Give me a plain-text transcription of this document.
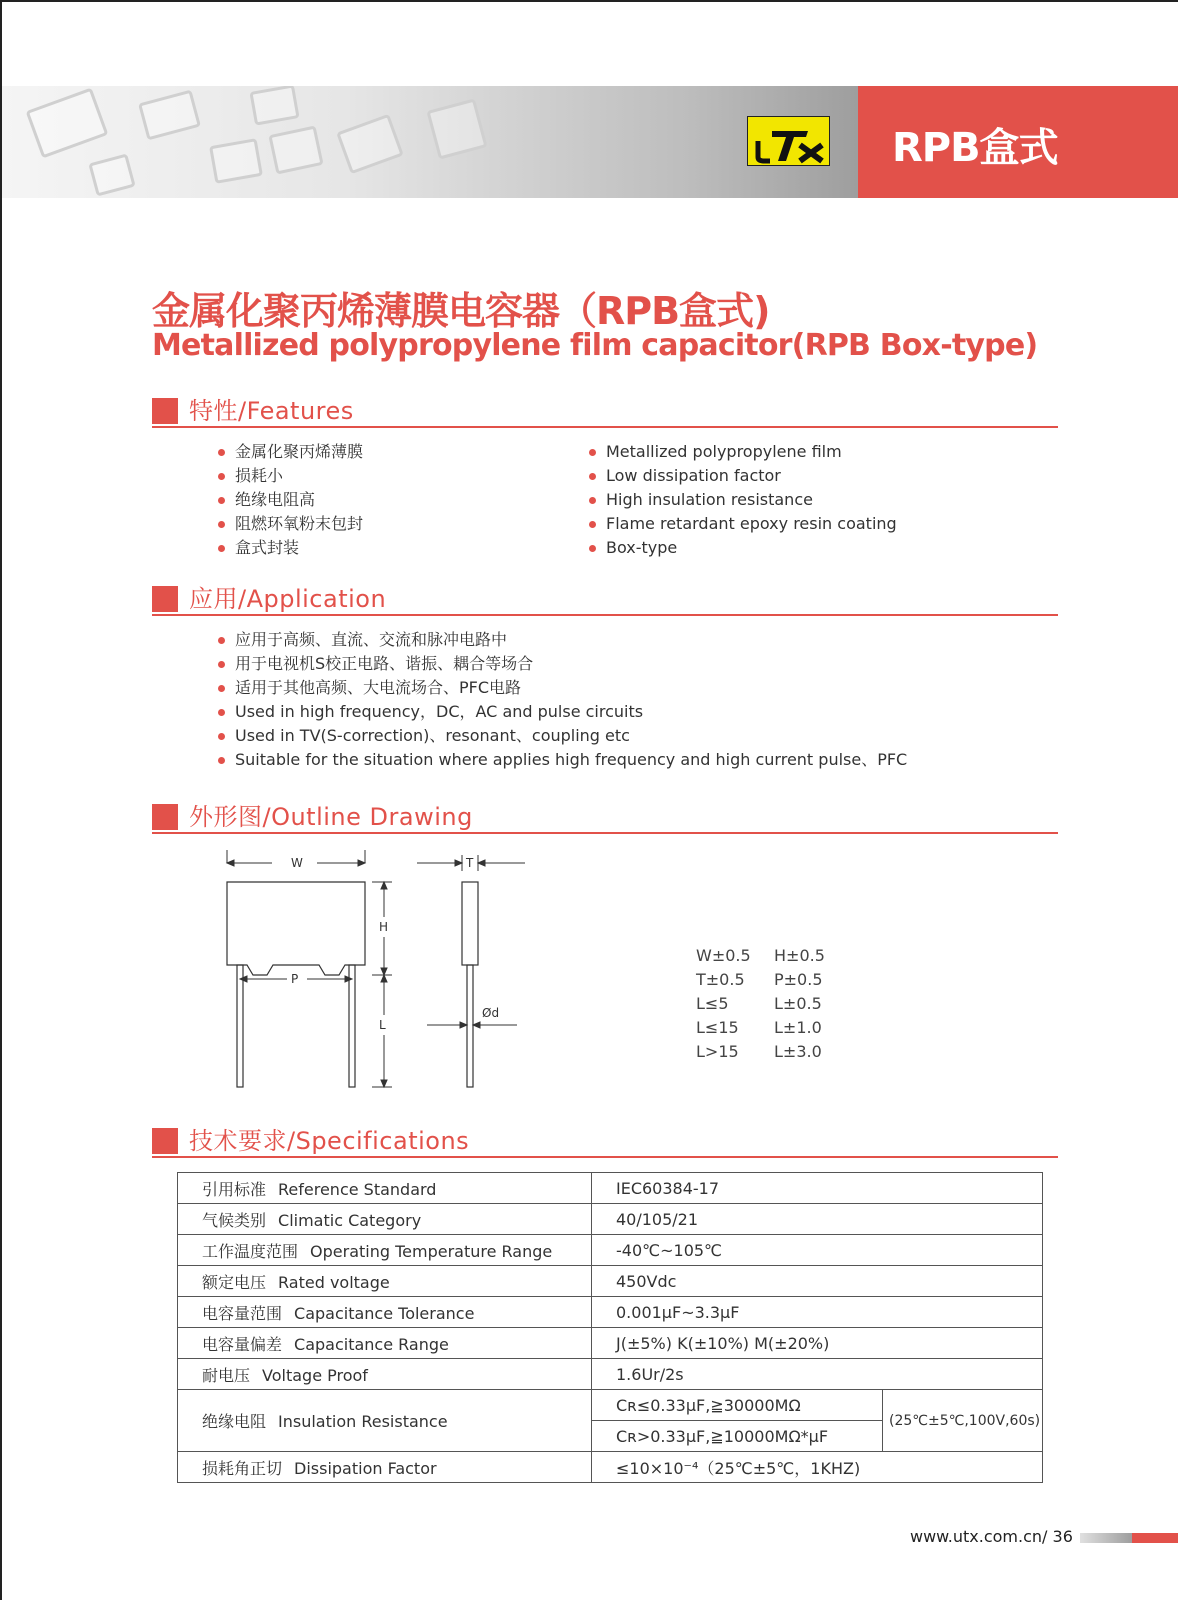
RPB盒式
金属化聚丙烯薄膜电容器（RPB盒式)
Metallized polypropylene film capacitor(RPB Box-type)
特性/Features
金属化聚丙烯薄膜
损耗小
绝缘电阻高
阻燃环氧粉末包封
盒式封装
Metallized polypropylene film
Low dissipation factor
High insulation resistance
Flame retardant epoxy resin coating
Box-type
应用/Application
应用于高频、直流、交流和脉冲电路中
用于电视机S校正电路、谐振、耦合等场合
适用于其他高频、大电流场合、PFC电路
Used in high frequency，DC，AC and pulse circuits
Used in TV(S-correction)、resonant、coupling etc
Suitable for the situation where applies high frequency and high current pulse、PFC
外形图/Outline Drawing
W
P
H
L
T
Ød
W±0.5 H±0.5
T±0.5 P±0.5
L≤5	L±0.5
L≤15 L±1.0
L>15 L±3.0
技术要求/Specifications
引用标准 Reference Standard	IEC60384-17	
气候类别 Climatic Category	40/105/21	
工作温度范围 Operating Temperature Range	-40℃~105℃	
额定电压 Rated voltage	450Vdc	
电容量范围 Capacitance Tolerance	0.001μF~3.3μF	
电容量偏差 Capacitance Range	J(±5%) K(±10%) M(±20%)	
耐电压 Voltage Proof	1.6Ur/2s	
绝缘电阻 Insulation Resistance	Cʀ≤0.33μF,≧30000MΩ	(25℃±5℃,100V,60s)
	Cʀ>0.33μF,≧10000MΩ*μF	
损耗角正切 Dissipation Factor	≤10×10⁻⁴（25℃±5℃，1KHZ)	
www.utx.com.cn/ 36
